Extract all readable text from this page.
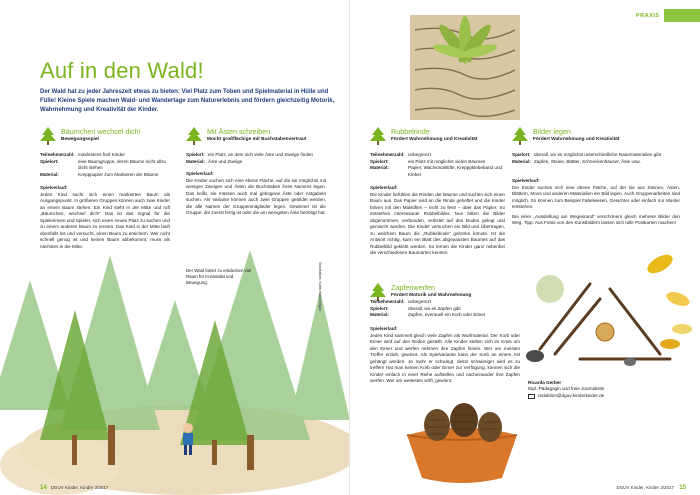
Auf in den Wald!

Der Wald hat zu jeder Jahreszeit etwas zu bieten: Viel Platz zum Toben und Spielmaterial in Hülle und Fülle! Kleine Spiele machen Wald- und Wandertage zum Naturerlebnis und fördern gleichzeitig Motorik, Wahrnehmung und Kreativität der Kinder.

Bäumchen wechsel dich!
Bewegungsspiel
Teilnehmerzahl: mindestens fünf Kinder
Spielort:	eine Baumgruppe, deren Bäume nicht allzu dicht stehen
Material:	Krepppapier zum Markieren der Bäume
Spielverlauf:
Jedes Kind sucht sich einen markierten Baum als Ausgangspunkt. In größeren Gruppen können auch zwei Kinder an einem Baum stehen. Ein Kind steht in der Mitte und ruft „Bäumchen, wechsel dich!“ Das ist das Signal für die Spielerinnen und Spieler, sich einen neuen Platz zu suchen und zu einem anderen Baum zu rennen. Das Kind in der Mitte läuft ebenfalls los und versucht, einen Baum zu ersichern. Wer nicht schnell genug ist und keinen Baum abbekommt, muss als nächstes in die Mitte.
Mit Ästen schreiben
Mocht großflächige mit Buchstabenvertraut
Spielort: ein Platz, an dem sich viele Äste und Zweige finden
Material: Äste und Zweige
Spielverlauf:
Die Kinder suchen sich eine ebene Fläche, auf die sie möglichst mit wenigen Zweigen und Ästen die Buchstaben ihres Namens legen. Das heißt, sie müssen auch mal gebogene Äste oder Astgabeln suchen. Als Variante können auch zwei Gruppen gebildet werden, die alle Namen der Gruppenmitglieder legen. Gewinner ist die Gruppe, die zuerst fertig ist oder die am wenigsten Äste benötigt hat.
Der Wald bietet zu entdecken viel Raum für Kreativität und Bewegung.	Illustration: Korin Kasch/dguv
14 DGUV Kinder, Kinder 3/2017
PRAXIS
Rubbelrinde
Fördert Wahrnehmung und Kreativität
Teilnehmerzahl: unbegrenzt
Spielort:	ein Platz mit möglichst vielen Bäumen
Material:	Papier, Wachsmalstifte, Krepppklebeband und Kleber
Spielverlauf:
Die Kinder befühlen die Rinden der Bäume und suchen sich einen Baum aus. Das Papier wird an die Rinde geheftet und die Kinder fahren mit den Malstiften – nicht zu fest! – über das Papier. So entstehen interessante Rubbelbilder. Nun bitten die Bilder abgenommen, verbunden, verlistet auf den Boden gelegt und gemischt werden. Die Kinder versuchen ein Bild und Übertragen, zu welchem Baum die „Rubbelrinde“ gehören könnte. Ist die Antwort richtig, kann ein Blatt des abgepausten Baumes auf das Rubbelbild geklebt werden. So lernen die Kinder ganz nebenbei die verschiedenen Baumarten kennen.
Bilder legen
Fördert Wahrnehmung und Kreativität
Spielort: überall, wo es möglichst unterschiedliche Naturmaterialien gibt
Material: Zapfen, Steine, Blätter, Schneckenhäuser, Äste usw.
Spielverlauf:
Die Kinder suchen sich eine ebene Fläche, auf der sie aus Steinen, Ästen, Blättern, Moos und anderen Materialien ein Bild legen. Auch Gruppenarbeiten sind möglich. So können zum Beispiel Fabelwesen, Gesichter oder einfach nur Muster entstehen.
Bei einer „Ausstellung am Wegesrand“ verschönern gleich mehrere Bilder den Weg. Tipp: Aus Fotos von den Kunstbildern lassen sich tolle Postkarten machen!
Zapfenwerfen
Fördert Motorik und Wahrnehmung
Teilnehmerzahl: unbegrenzt
Spielort:	überall, wo es Zapfen gibt
Material:	Zapfen, eventuell ein Korb oder Eimer
Spielverlauf:
Jedes Kind sammelt gleich viele Zapfen als Wurfmaterial. Der Korb oder Eimer wird auf den Boden gestellt. Alle Kinder stellen sich im Kreis um den Eimer und werfen nehmen ihre Zapfen hinein. Wer am meisten Treffer erzielt, gewinnt. Als Spielvariante kann der Korb an einem Ast gehängt werden. Je mehr er schwingt, desto schwieriger wird es zu treffen! Hat man keinen Korb oder Eimer zur Verfügung, können sich die Kinder einfach in einer Reihe aufstellen und nacheinander ihre Zapfen werfen. Wer am weitesten wirft, gewinnt.	Ricarda Gerber
Dipl.-Pädagogin und freie Journalistin
redaktion@dguv-kinderkinder.de
DGUV Kinder, Kinder 3/2017 15
